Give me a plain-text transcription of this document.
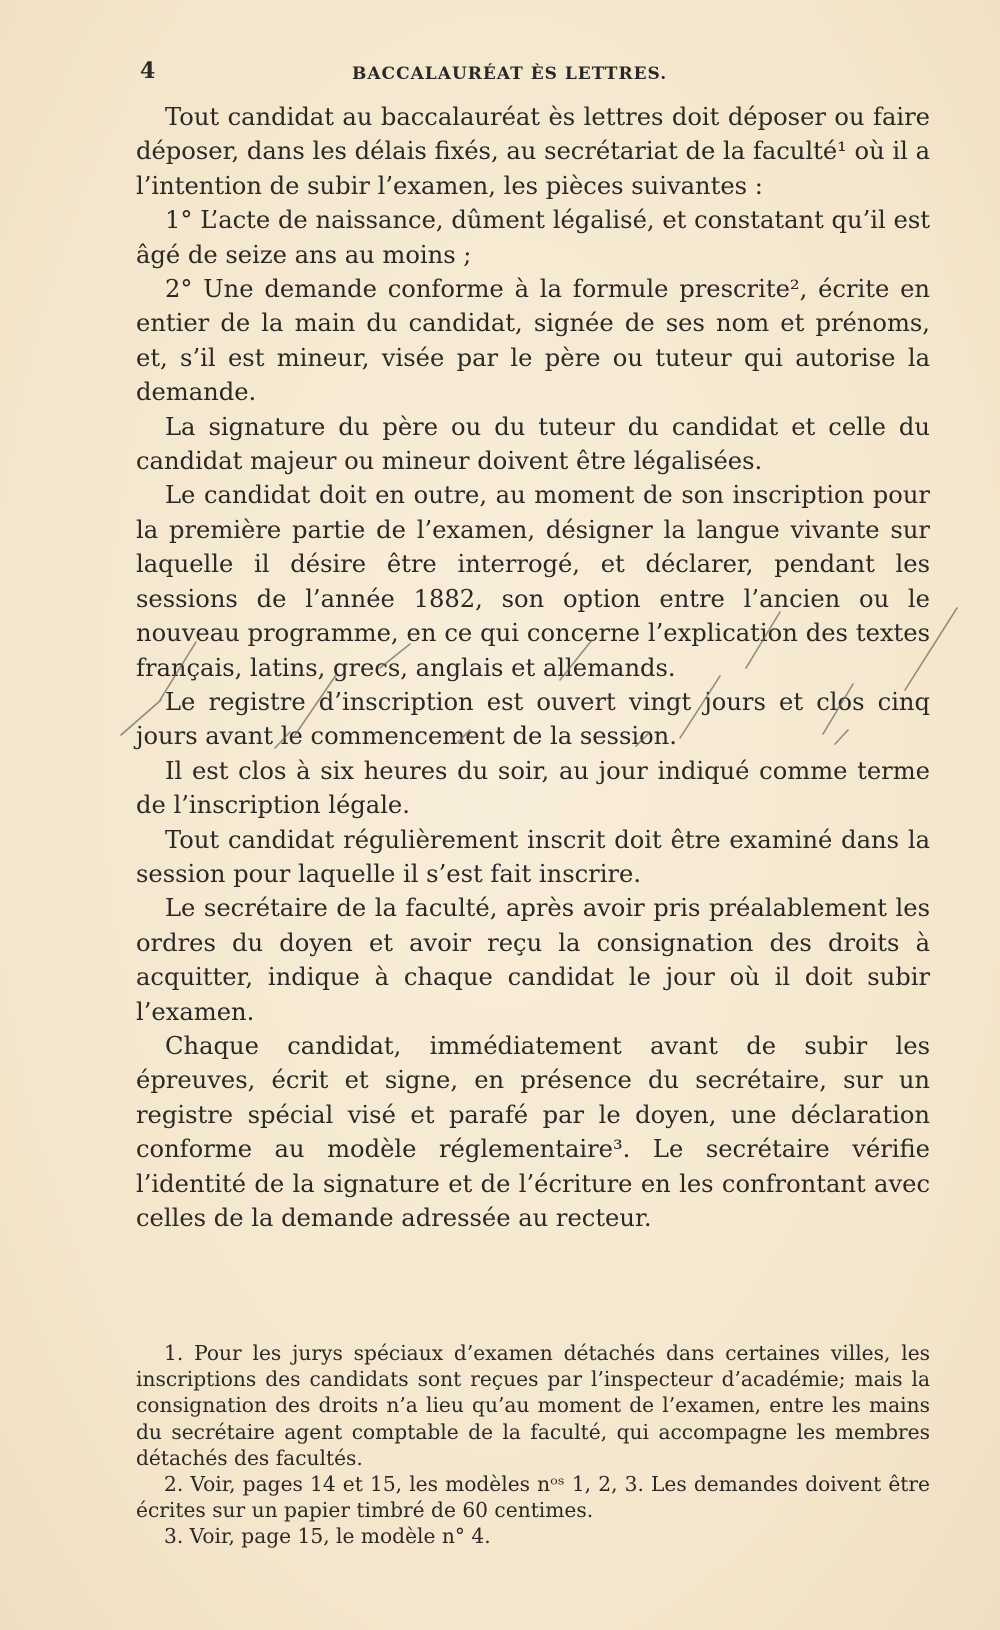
4	BACCALAURÉAT ÈS LETTRES.

Tout candidat au baccalauréat ès lettres doit déposer ou faire déposer, dans les délais fixés, au secrétariat de la faculté¹ où il a l’intention de subir l’examen, les pièces suivantes :

1° L’acte de naissance, dûment légalisé, et constatant qu’il est âgé de seize ans au moins ;

2° Une demande conforme à la formule prescrite², écrite en entier de la main du candidat, signée de ses nom et prénoms, et, s’il est mineur, visée par le père ou tuteur qui autorise la demande.

La signature du père ou du tuteur du candidat et celle du candidat majeur ou mineur doivent être légalisées.

Le candidat doit en outre, au moment de son inscription pour la première partie de l’examen, désigner la langue vivante sur laquelle il désire être interrogé, et déclarer, pendant les sessions de l’année 1882, son option entre l’ancien ou le nouveau programme, en ce qui concerne l’explication des textes français, latins, grecs, anglais et allemands.

Le registre d’inscription est ouvert vingt jours et clos cinq jours avant le commencement de la session.

Il est clos à six heures du soir, au jour indiqué comme terme de l’inscription légale.

Tout candidat régulièrement inscrit doit être examiné dans la session pour laquelle il s’est fait inscrire.

Le secrétaire de la faculté, après avoir pris préalablement les ordres du doyen et avoir reçu la consignation des droits à acquitter, indique à chaque candidat le jour où il doit subir l’examen.

Chaque candidat, immédiatement avant de subir les épreuves, écrit et signe, en présence du secrétaire, sur un registre spécial visé et parafé par le doyen, une déclaration conforme au modèle réglementaire³. Le secrétaire vérifie l’identité de la signature et de l’écriture en les confrontant avec celles de la demande adressée au recteur.

1. Pour les jurys spéciaux d’examen détachés dans certaines villes, les inscriptions des candidats sont reçues par l’inspecteur d’académie; mais la consignation des droits n’a lieu qu’au moment de l’examen, entre les mains du secrétaire agent comptable de la faculté, qui accompagne les membres détachés des facultés.

2. Voir, pages 14 et 15, les modèles nᵒˢ 1, 2, 3. Les demandes doivent être écrites sur un papier timbré de 60 centimes.

3. Voir, page 15, le modèle n° 4.
